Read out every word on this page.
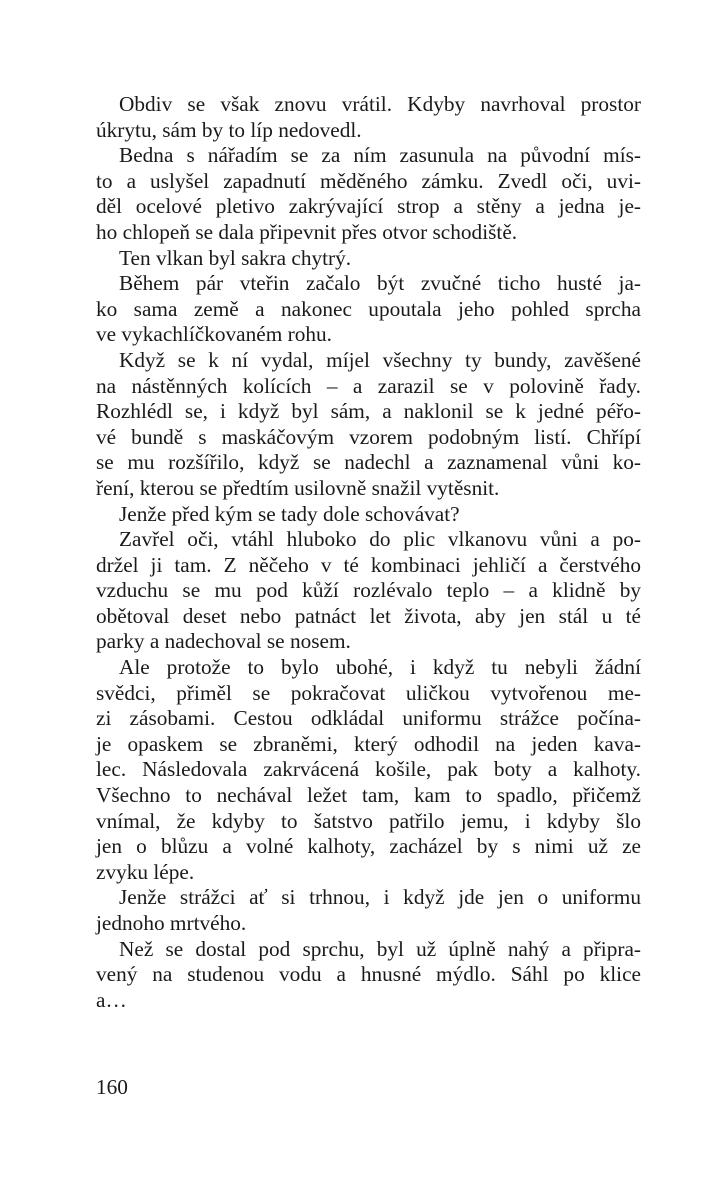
Obdiv se však znovu vrátil. Kdyby navrhoval prostor
úkrytu, sám by to líp nedovedl.
Bedna s nářadím se za ním zasunula na původní mís-
to a uslyšel zapadnutí měděného zámku. Zvedl oči, uvi-
děl ocelové pletivo zakrývající strop a stěny a jedna je-
ho chlopeň se dala připevnit přes otvor schodiště.
Ten vlkan byl sakra chytrý.
Během pár vteřin začalo být zvučné ticho husté ja-
ko sama země a nakonec upoutala jeho pohled sprcha
ve vykachlíčkovaném rohu.
Když se k ní vydal, míjel všechny ty bundy, zavěšené
na nástěnných kolících – a zarazil se v polovině řady.
Rozhlédl se, i když byl sám, a naklonil se k jedné péřo-
vé bundě s maskáčovým vzorem podobným listí. Chřípí
se mu rozšířilo, když se nadechl a zaznamenal vůni ko-
ření, kterou se předtím usilovně snažil vytěsnit.
Jenže před kým se tady dole schovávat?
Zavřel oči, vtáhl hluboko do plic vlkanovu vůni a po-
držel ji tam. Z něčeho v té kombinaci jehličí a čerstvého
vzduchu se mu pod kůží rozlévalo teplo – a klidně by
obětoval deset nebo patnáct let života, aby jen stál u té
parky a nadechoval se nosem.
Ale protože to bylo ubohé, i když tu nebyli žádní
svědci, přiměl se pokračovat uličkou vytvořenou me-
zi zásobami. Cestou odkládal uniformu strážce počína-
je opaskem se zbraněmi, který odhodil na jeden kava-
lec. Následovala zakrvácená košile, pak boty a kalhoty.
Všechno to nechával ležet tam, kam to spadlo, přičemž
vnímal, že kdyby to šatstvo patřilo jemu, i kdyby šlo
jen o blůzu a volné kalhoty, zacházel by s nimi už ze
zvyku lépe.
Jenže strážci ať si trhnou, i když jde jen o uniformu
jednoho mrtvého.
Než se dostal pod sprchu, byl už úplně nahý a připra-
vený na studenou vodu a hnusné mýdlo. Sáhl po klice
a…
160
